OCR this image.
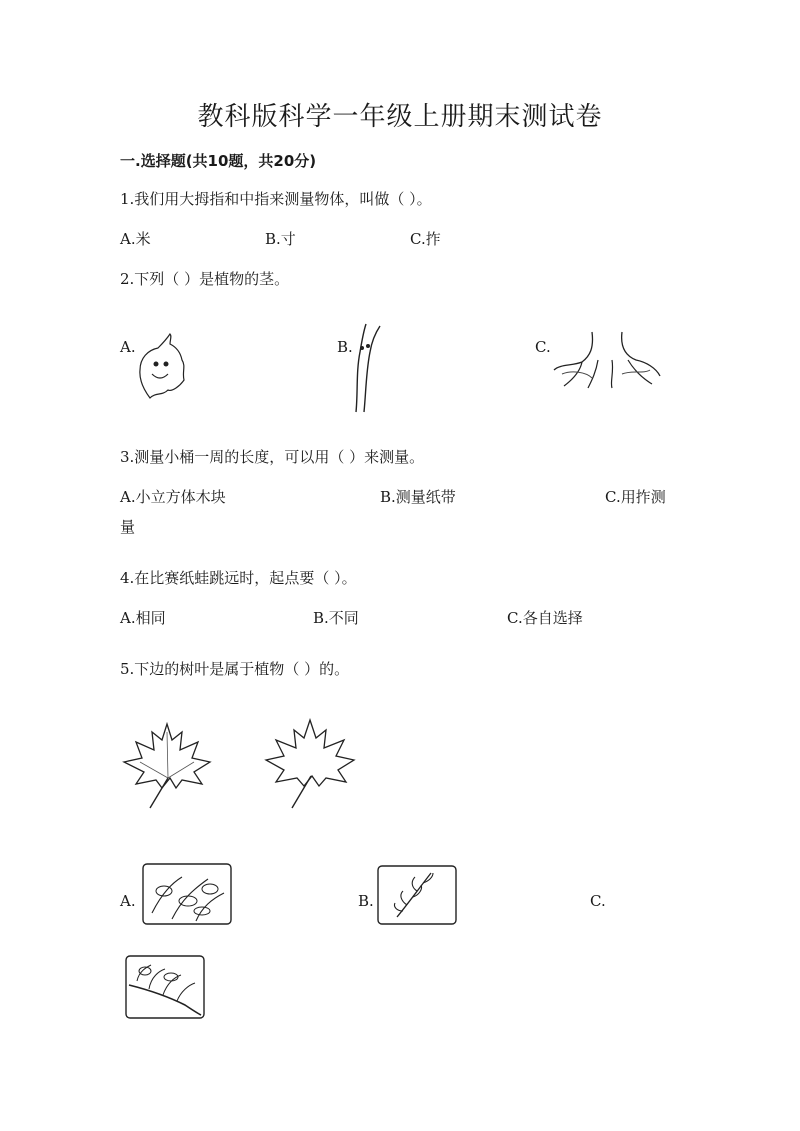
教科版科学一年级上册期末测试卷
一.选择题(共10题，共20分)
1.我们用大拇指和中指来测量物体，叫做（ ）。
A.米	B.寸	C.拃
2.下列（ ）是植物的茎。
A.	B.	C.
3.测量小桶一周的长度，可以用（ ）来测量。
A.小立方体木块	B.测量纸带	C.用拃测
量
4.在比赛纸蛙跳远时，起点要（ ）。
A.相同	B.不同	C.各自选择
5.下边的树叶是属于植物（ ）的。
A.	B.	C.
